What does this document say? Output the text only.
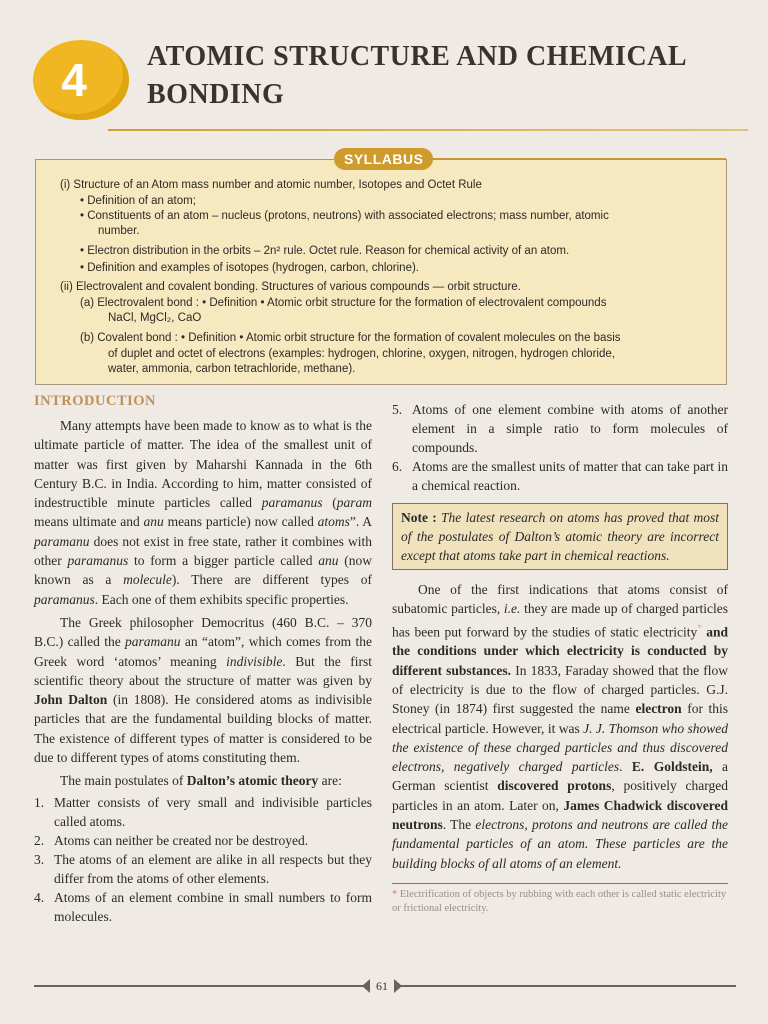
4	ATOMIC STRUCTURE AND CHEMICAL
BONDING
SYLLABUS
(i) Structure of an Atom mass number and atomic number, Isotopes and Octet Rule
• Definition of an atom;
• Constituents of an atom – nucleus (protons, neutrons) with associated electrons; mass number, atomic
number.
• Electron distribution in the orbits – 2n² rule. Octet rule. Reason for chemical activity of an atom.
• Definition and examples of isotopes (hydrogen, carbon, chlorine).
(ii) Electrovalent and covalent bonding. Structures of various compounds — orbit structure.
(a) Electrovalent bond : • Definition • Atomic orbit structure for the formation of electrovalent compounds
NaCl, MgCl₂, CaO
(b) Covalent bond : • Definition • Atomic orbit structure for the formation of covalent molecules on the basis
of duplet and octet of electrons (examples: hydrogen, chlorine, oxygen, nitrogen, hydrogen chloride,
water, ammonia, carbon tetrachloride, methane).
INTRODUCTION

Many attempts have been made to know as to what is the ultimate particle of matter. The idea of the smallest unit of matter was first given by Maharshi Kannada in the 6th Century B.C. in India. According to him, matter consisted of indestructible minute particles called paramanus (param means ultimate and anu means particle) now called atoms”. A paramanu does not exist in free state, rather it combines with other paramanus to form a bigger particle called anu (now known as a molecule). There are different types of paramanus. Each one of them exhibits specific properties.

The Greek philosopher Democritus (460 B.C. – 370 B.C.) called the paramanu an “atom”, which comes from the Greek word ‘atomos’ meaning indivisible. But the first scientific theory about the structure of matter was given by John Dalton (in 1808). He considered atoms as indivisible particles that are the fundamental building blocks of matter. The existence of different types of matter is considered to be due to different types of atoms constituting them.

The main postulates of Dalton’s atomic theory are:

1. Matter consists of very small and indivisible particles called atoms.
2. Atoms can neither be created nor be destroyed.
3. The atoms of an element are alike in all respects but they differ from the atoms of other elements.
4. Atoms of an element combine in small numbers to form molecules.
5. Atoms of one element combine with atoms of another element in a simple ratio to form molecules of compounds.
6. Atoms are the smallest units of matter that can take part in a chemical reaction.
Note : The latest research on atoms has proved that most of the postulates of Dalton’s atomic theory are incorrect except that atoms take part in chemical reactions.

One of the first indications that atoms consist of subatomic particles, i.e. they are made up of charged particles has been put forward by the studies of static electricity* and the conditions under which electricity is conducted by different substances. In 1833, Faraday showed that the flow of electricity is due to the flow of charged particles. G.J. Stoney (in 1874) first suggested the name electron for this electrical particle. However, it was J. J. Thomson who showed the existence of these charged particles and thus discovered electrons, negatively charged particles. E. Goldstein, a German scientist discovered protons, positively charged particles in an atom. Later on, James Chadwick discovered neutrons. The electrons, protons and neutrons are called the fundamental particles of an atom. These particles are the building blocks of all atoms of an element.

* Electrification of objects by rubbing with each other is called static electricity or frictional electricity.
61
